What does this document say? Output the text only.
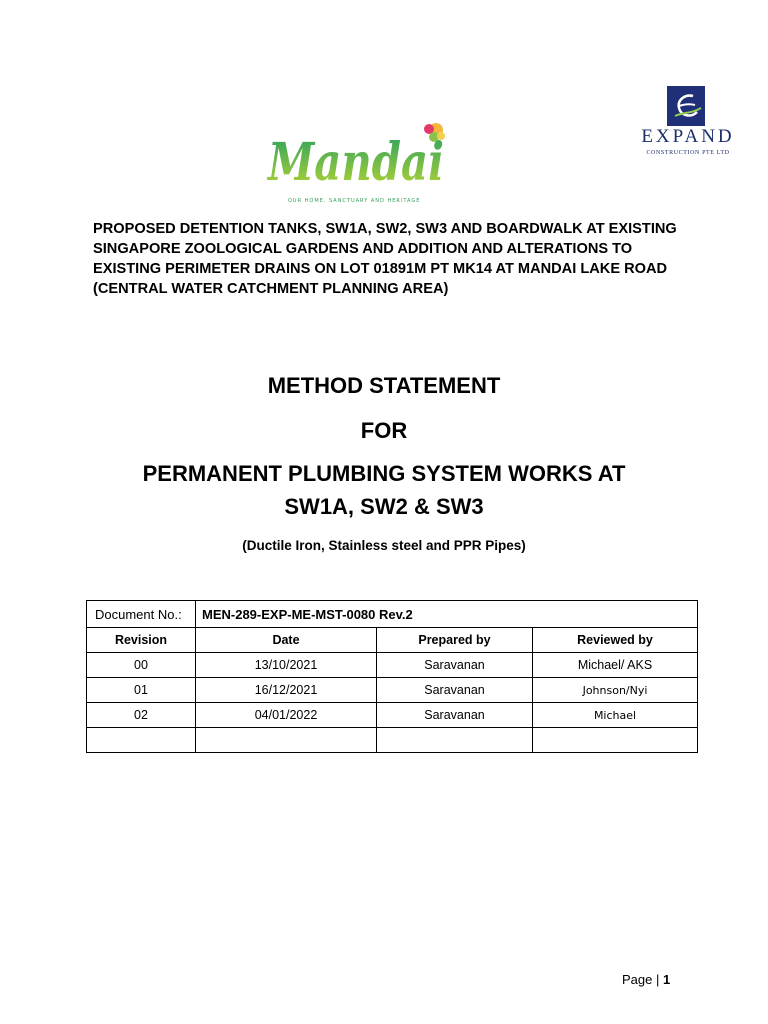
Mandai
OUR HOME, SANCTUARY AND HERITAGE
EXPAND
CONSTRUCTION PTE LTD

PROPOSED DETENTION TANKS, SW1A, SW2, SW3 AND BOARDWALK AT EXISTING SINGAPORE ZOOLOGICAL GARDENS AND ADDITION AND ALTERATIONS TO EXISTING PERIMETER DRAINS ON LOT 01891M PT MK14 AT MANDAI LAKE ROAD (CENTRAL WATER CATCHMENT PLANNING AREA)

METHOD STATEMENT

FOR

PERMANENT PLUMBING SYSTEM WORKS AT

SW1A, SW2 & SW3

(Ductile Iron, Stainless steel and PPR Pipes)
Document No.:	MEN-289-EXP-ME-MST-0080 Rev.2		
Revision	Date	Prepared by	Reviewed by
00	13/10/2021	Saravanan	Michael/ AKS
01	16/12/2021	Saravanan	Johnson/Nyi
02	04/01/2022	Saravanan	Michael

Page | 1
